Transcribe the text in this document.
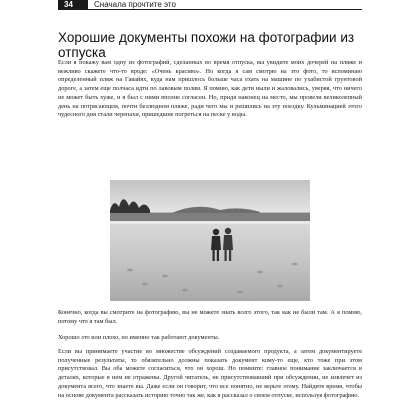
34	Сначала прочтите это
Хорошие документы похожи на фотографии из отпуска

Если я покажу вам одну из фотографий, сделанных во время отпуска, вы увидите моих дочерей на пляже и вежливо скажете что-то вроде: «Очень красиво». Но когда я сам смотрю на это фото, то вспоминаю определенный пляж на Гавайях, куда нам пришлось больше часа ехать на машине по ухабистой грунтовой дороге, а затем еще полчаса идти по лавовым полям. Я помню, как дети ныли и жаловались, уверяя, что ничего не может быть хуже, и я был с ними вполне согласен. Но, придя наконец на место, мы провели великолепный день на потрясающем, почти безлюдном пляже, ради чего мы и решились на эту поездку. Кульминацией этого чудесного дня стали черепахи, пришедшие погреться на песке у воды.

Конечно, когда вы смотрите на фотографию, вы не можете знать всего этого, так как не были там. А я помню, потому что я там был.

Хорошо это или плохо, но именно так работают документы.

Если вы принимаете участие во множестве обсуждений создаваемого продукта, а затем документируете полученные результаты, то обязательно должны показать документ кому-то еще, кто тоже при этом присутствовал. Вы оба можете согласиться, что он хорош. Но помните: главное понимание заключается в деталях, которые в нем не отражены. Другой читатель, не присутствовавший при обсуждении, не извлечет из документа всего, что знаете вы. Даже если он говорит, что все понятно, не верьте этому. Найдите время, чтобы на основе документа рассказать историю точно так же, как я рассказал о своем отпуске, используя фотографию.
